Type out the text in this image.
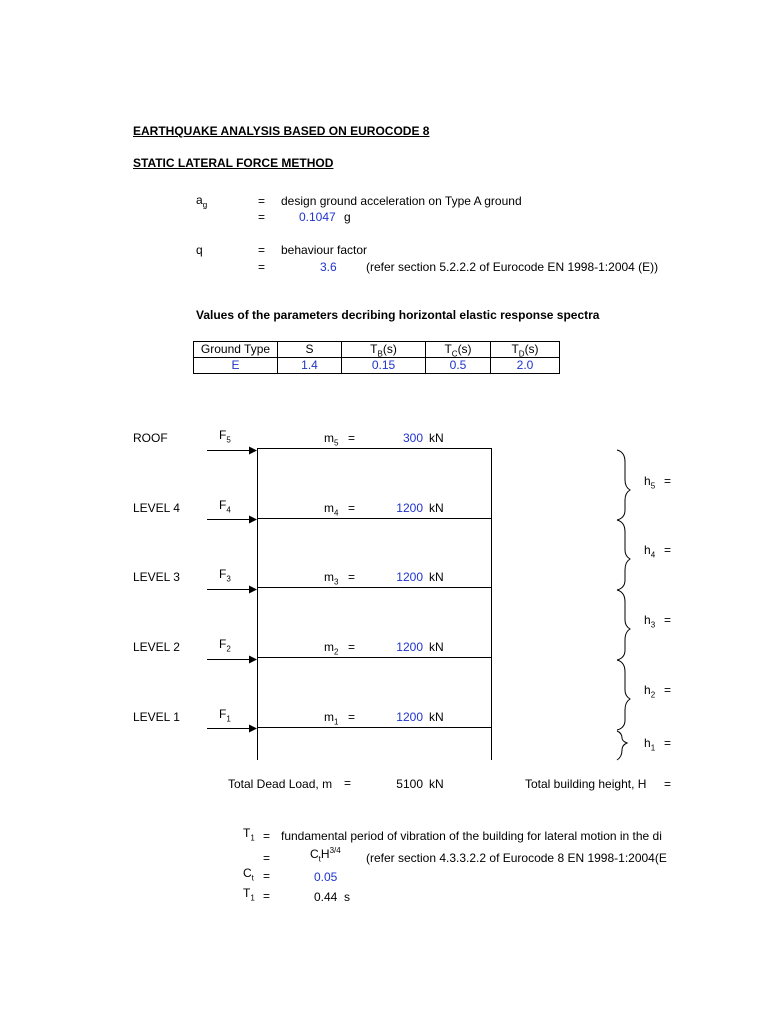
EARTHQUAKE ANALYSIS BASED ON EUROCODE 8
STATIC LATERAL FORCE METHOD
$a_g$	= design ground acceleration on Type A ground
=	0.1047 g
q	= behaviour factor
=	3.6 (refer section 5.2.2.2 of Eurocode EN 1998-1:2004 (E))
Values of the parameters decribing horizontal elastic response spectra
Ground Type	S	$T_B(s)$	$T_C(s)$	$T_D(s)$
E	1.4	0.15	0.5	2.0
ROOF	$F_5$	$m_5$ =	300 kN
LEVEL 4	$F_4$	$m_4$ =	1200 kN
LEVEL 3	$F_3$	$m_3$ =	1200 kN
LEVEL 2	$F_2$	$m_2$ =	1200 kN
LEVEL 1	$F_1$	$m_1$ =	1200 kN
$h_5$ =
$h_4$ =
$h_3$ =
$h_2$ =
$h_1$ =
Total Dead Load, m =	5100 kN	Total building height, H =
$T_1$ = fundamental period of vibration of the building for lateral motion in the di
=	$C_tH^{3/4}$
(refer section 4.3.3.2.2 of Eurocode 8 EN 1998-1:2004(E
$C_t$ =	0.05
$T_1$ =	0.44 s
